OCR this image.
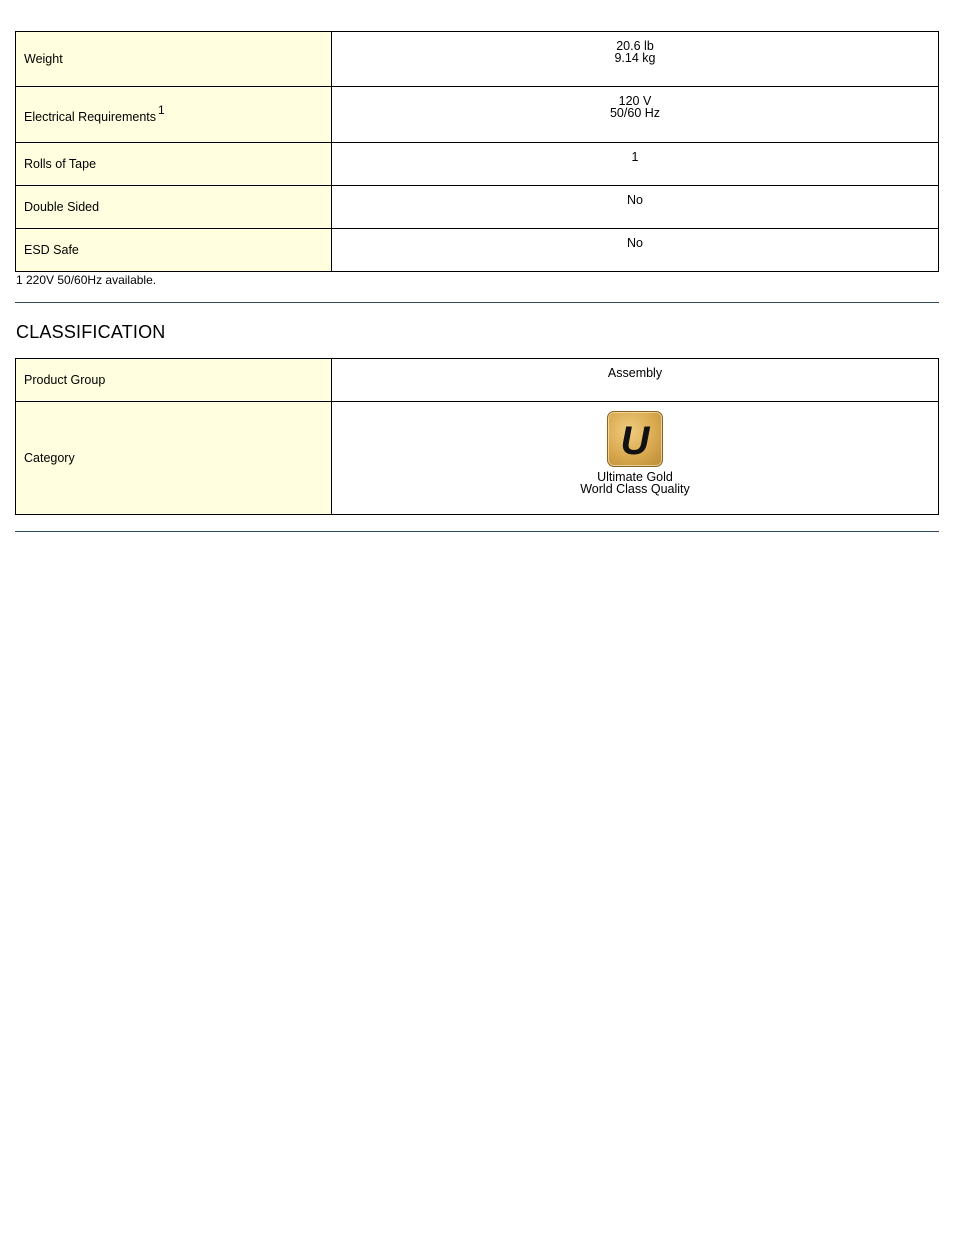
Weight	20.6 lb
9.14 kg

Electrical Requirements$^1$	120 V
50/60 Hz

Rolls of Tape	1

Double Sided	No

ESD Safe	No
1 220V 50/60Hz available.
CLASSIFICATION
Product Group	Assembly

Category	U
Ultimate Gold
World Class Quality
